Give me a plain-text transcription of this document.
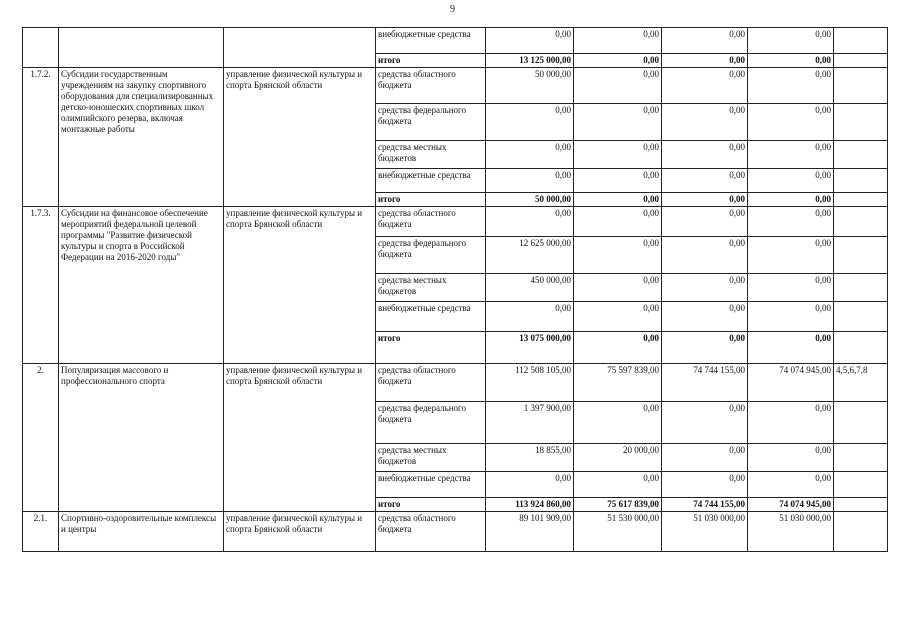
9
			внебюджетные средства	0,00	0,00	0,00	0,00	
			итого	13 125 000,00	0,00	0,00	0,00	
1.7.2.	Субсидии государственным учреждениям на закупку спортивного оборудования для специализированных детско-юношеских спортивных школ олимпийского резерва, включая монтажные работы	управление физической культуры и спорта Брянской области	средства областного бюджета	50 000,00	0,00	0,00	0,00	
			средства федерального бюджета	0,00	0,00	0,00	0,00	
			средства местных бюджетов	0,00	0,00	0,00	0,00	
			внебюджетные средства	0,00	0,00	0,00	0,00	
			итого	50 000,00	0,00	0,00	0,00	
1.7.3.	Субсидии на финансовое обеспечение мероприятий федеральной целевой программы "Развитие физической культуры и спорта в Российской Федерации на 2016-2020 годы"	управление физической культуры и спорта Брянской области	средства областного бюджета	0,00	0,00	0,00	0,00	
			средства федерального бюджета	12 625 000,00	0,00	0,00	0,00	
			средства местных бюджетов	450 000,00	0,00	0,00	0,00	
			внебюджетные средства	0,00	0,00	0,00	0,00	
			итого	13 075 000,00	0,00	0,00	0,00	
2.	Популяризация массового и профессионального спорта	управление физической культуры и спорта Брянской области	средства областного бюджета	112 508 105,00	75 597 839,00	74 744 155,00	74 074 945,00	4,5,6,7,8
			средства федерального бюджета	1 397 900,00	0,00	0,00	0,00	
			средства местных бюджетов	18 855,00	20 000,00	0,00	0,00	
			внебюджетные средства	0,00	0,00	0,00	0,00	
			итого	113 924 860,00	75 617 839,00	74 744 155,00	74 074 945,00	
2.1.	Спортивно-оздоровительные комплексы и центры	управление физической культуры и спорта Брянской области	средства областного бюджета	89 101 909,00	51 530 000,00	51 030 000,00	51 030 000,00	
